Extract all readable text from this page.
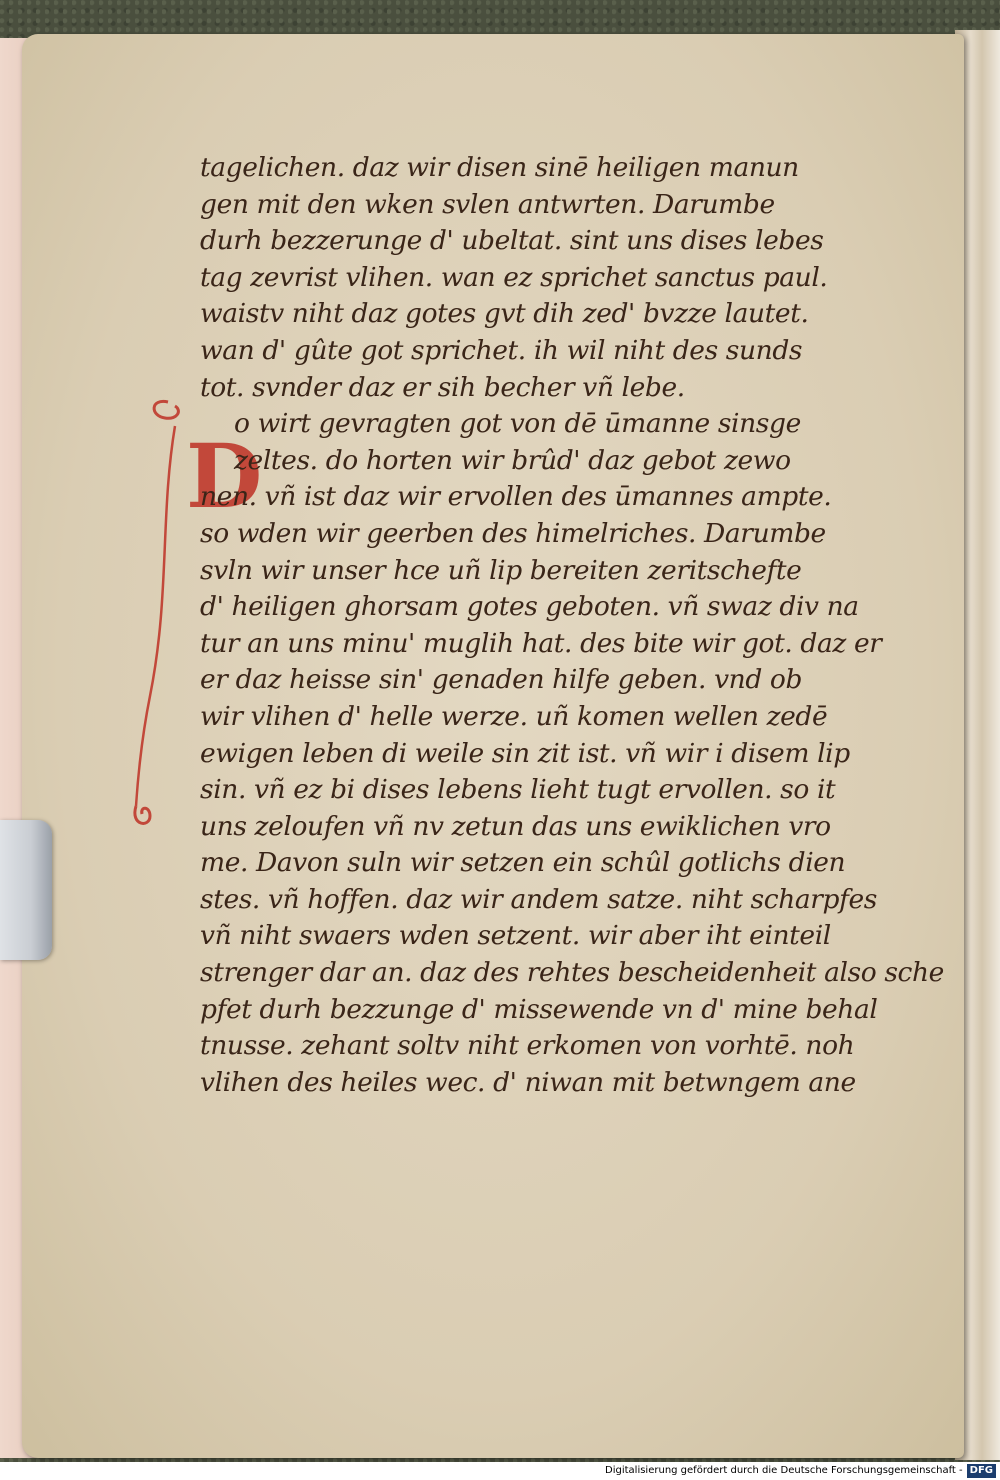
D
tagelichen. daz wir disen sinē heiligen manun
gen mit den wken svlen antwrten. Darumbe
durh bezzerunge d' ubeltat. sint uns dises lebes
tag zevrist vlihen. wan ez sprichet sanctus paul.
waistv niht daz gotes gvt dih zed' bvzze lautet.
wan d' gûte got sprichet. ih wil niht des sunds
tot. svnder daz er sih becher vñ lebe.
o wirt gevragten got von dē ūmanne sinsge
zeltes. do horten wir brûd' daz gebot zewo
nen. vñ ist daz wir ervollen des ūmannes ampte.
so wden wir geerben des himelriches. Darumbe
svln wir unser hce uñ lip bereiten zeritschefte
d' heiligen ghorsam gotes geboten. vñ swaz div na
tur an uns minu' muglih hat. des bite wir got. daz er
er daz heisse sin' genaden hilfe geben. vnd ob
wir vlihen d' helle werze. uñ komen wellen zedē
ewigen leben di weile sin zit ist. vñ wir i disem lip
sin. vñ ez bi dises lebens lieht tugt ervollen. so it
uns zeloufen vñ nv zetun das uns ewiklichen vro
me. Davon suln wir setzen ein schûl gotlichs dien
stes. vñ hoffen. daz wir andem satze. niht scharpfes
vñ niht swaers wden setzent. wir aber iht einteil
strenger dar an. daz des rehtes bescheidenheit also sche
pfet durh bezzunge d' missewende vn d' mine behal
tnusse. zehant soltv niht erkomen von vorhtē. noh
vlihen des heiles wec. d' niwan mit betwngem ane
Digitalisierung gefördert durch die Deutsche Forschungsgemeinschaft - DFG
